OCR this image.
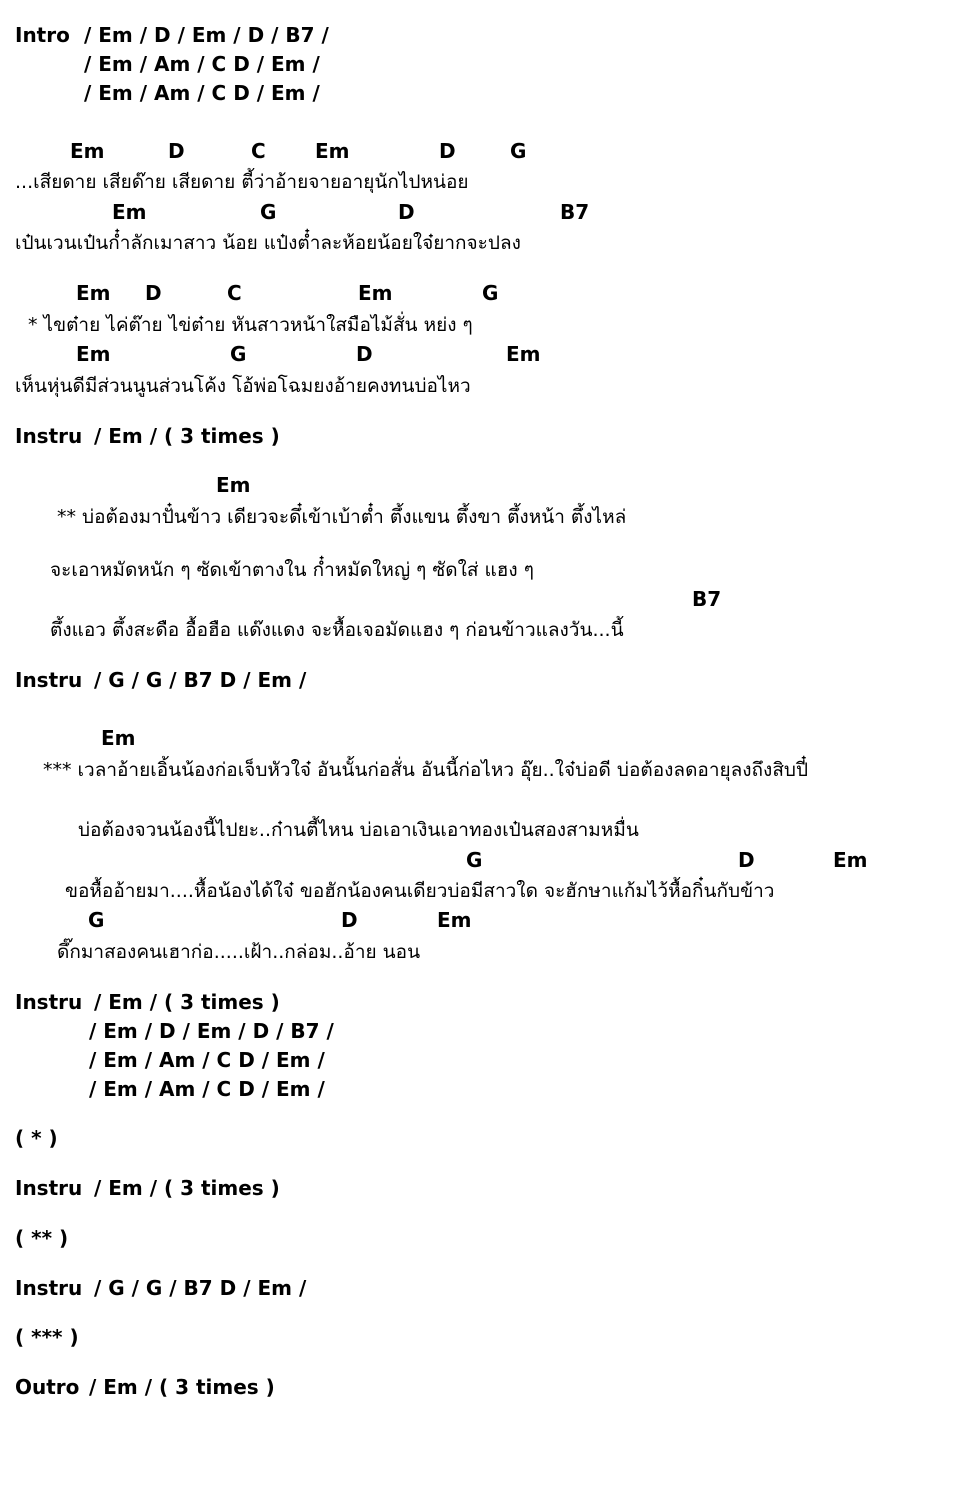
Intro / Em / D / Em / D / B7 /
/ Em / Am / C D / Em /
/ Em / Am / C D / Em /
Em	D	C Em	D	G
...เสียดาย เสียด๊าย เสียดาย ตี้ว่าอ้ายจายอายุนักไปหน่อย
Em	G	D	B7
เป๋นเวนเป๋นก๋ำลักเมาสาว น้อย แป๋งต๋ำละห้อยน้อยใจ๋ยากจะปลง
Em D	C	Em	G
* ไขต๋าย ไค่ต๊าย ไข่ต๋าย หันสาวหน้าใสมือไม้สั่น หย่ง ๆ
Em	G	D	Em
เห็นหุ่นดีมีส่วนนูนส่วนโค้ง โอ้พ่อโฉมยงอ้ายคงทนบ่อไหว
Instru / Em / ( 3 times )
Em
** บ่อต้องมาปั๋นข้าว เดียวจะดึ๋เข้าเบ้าต๋ำ ตึ้งแขน ตึ้งขา ตึ้งหน้า ตึ้งไหล่
จะเอาหมัดหนัก ๆ ซัดเข้าตางใน ก๋ำหมัดใหญ่ ๆ ซัดใส่ แฮง ๆ
B7
ตึ้งแอว ตึ้งสะดือ อื้อฮือ แด๊งแดง จะหื้อเจอมัดแฮง ๆ ก่อนข้าวแลงวัน...นี้
Instru / G / G / B7 D / Em /
Em
*** เวลาอ้ายเอิ้นน้องก่อเจ็บหัวใจ๋ อันนั้นก่อสั่น อันนี้ก่อไหว อุ๊ย..ใจ๋บ่อดี บ่อต้องลดอายุลงถึงสิบปี๋
บ่อต้องจวนน้องนี้ไปยะ..ก๋านตี้ไหน บ่อเอาเงินเอาทองเป๋นสองสามหมื่น
G	D	Em
ขอหื้ออ้ายมา....หื้อน้องได้ใจ๋ ขอฮักน้องคนเดียวบ่อมีสาวใด จะฮักษาแก้มไว้หื้อกิ๋นกับข้าว
G	D	Em
ดึ๊กมาสองคนเฮาก่อ.....เฝ้า..กล่อม..อ้าย นอน
Instru / Em / ( 3 times )
/ Em / D / Em / D / B7 /
/ Em / Am / C D / Em /
/ Em / Am / C D / Em /
( * )
Instru / Em / ( 3 times )
( ** )
Instru / G / G / B7 D / Em /
( *** )
Outro / Em / ( 3 times )
